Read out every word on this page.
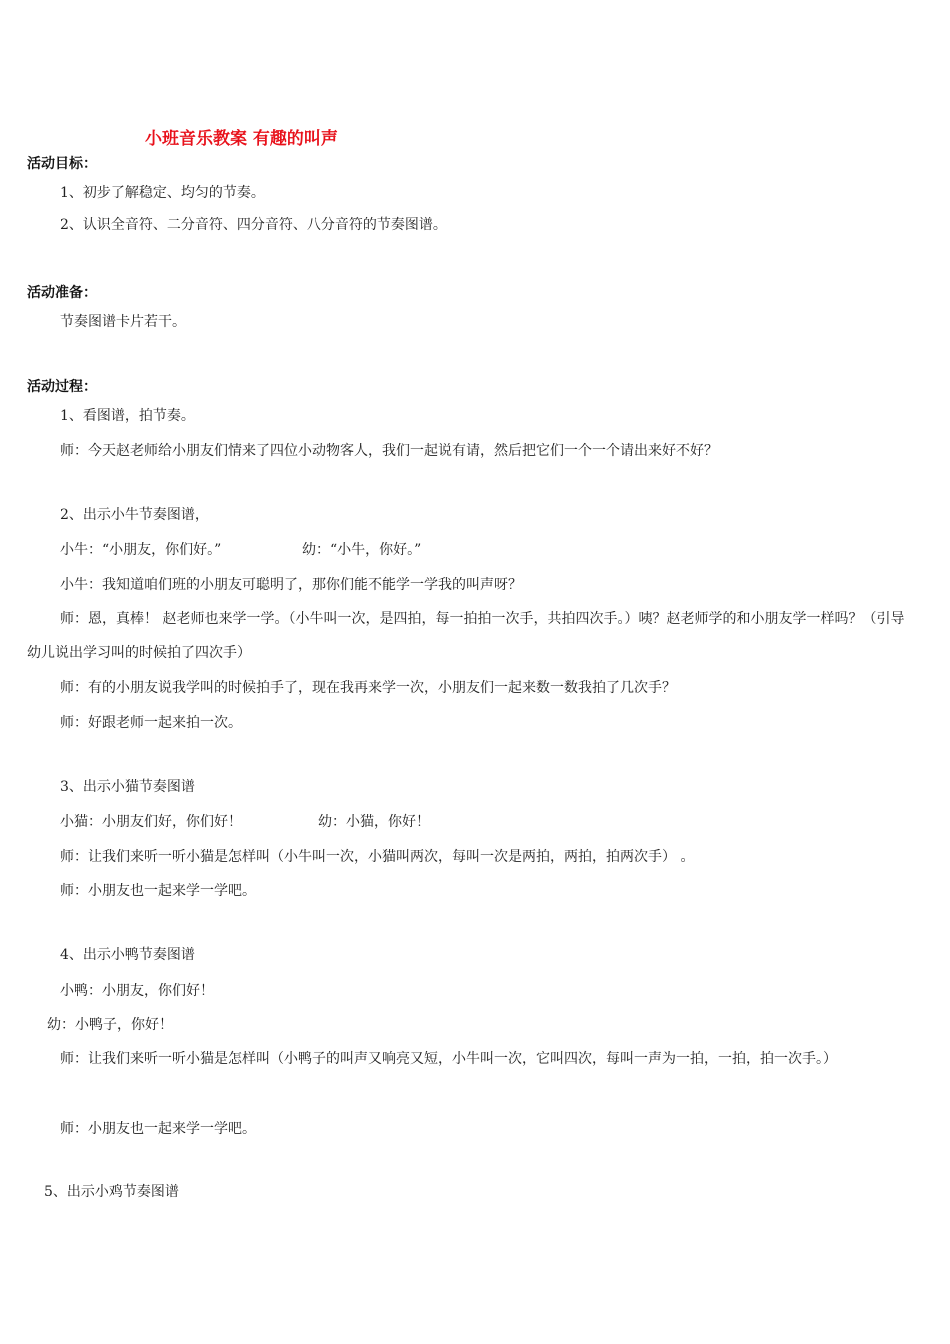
小班音乐教案 有趣的叫声
活动目标：
1、初步了解稳定、均匀的节奏。
2、认识全音符、二分音符、四分音符、八分音符的节奏图谱。
活动准备：
节奏图谱卡片若干。
活动过程：
1、看图谱，拍节奏。
师：今天赵老师给小朋友们情来了四位小动物客人，我们一起说有请，然后把它们一个一个请出来好不好？
2、出示小牛节奏图谱，
小牛：“小朋友，你们好。”	幼：“小牛，你好。”
小牛：我知道咱们班的小朋友可聪明了，那你们能不能学一学我的叫声呀？
师：恩，真棒！ 赵老师也来学一学。（小牛叫一次，是四拍，每一拍拍一次手，共拍四次手。）咦？赵老师学的和小朋友学一样吗？（引导幼儿说出学习叫的时候拍了四次手）
师：有的小朋友说我学叫的时候拍手了，现在我再来学一次，小朋友们一起来数一数我拍了几次手？
师：好跟老师一起来拍一次。
3、出示小猫节奏图谱
小猫：小朋友们好，你们好！	幼：小猫，你好！
师：让我们来听一听小猫是怎样叫（小牛叫一次，小猫叫两次，每叫一次是两拍，两拍，拍两次手） 。
师：小朋友也一起来学一学吧。
4、出示小鸭节奏图谱
小鸭：小朋友，你们好！
幼：小鸭子，你好！
师：让我们来听一听小猫是怎样叫（小鸭子的叫声又响亮又短，小牛叫一次，它叫四次，每叫一声为一拍，一拍，拍一次手。）
师：小朋友也一起来学一学吧。
5、出示小鸡节奏图谱
